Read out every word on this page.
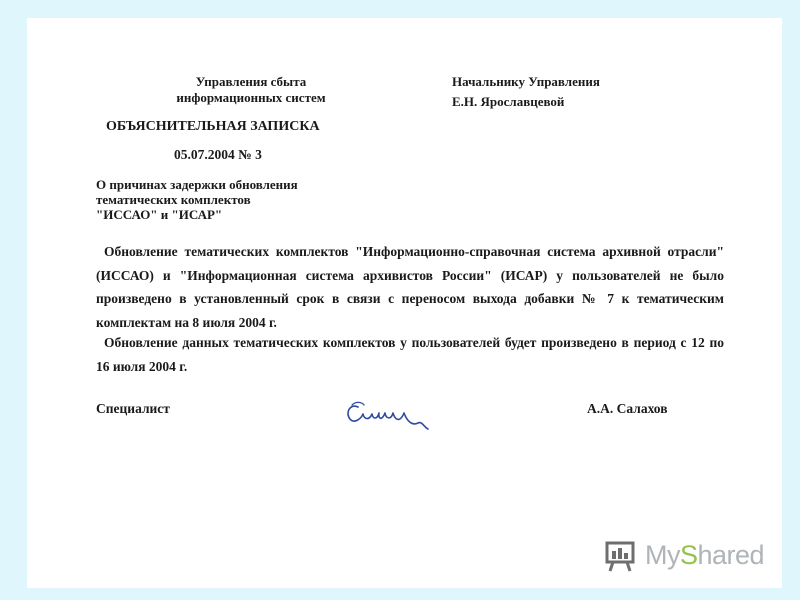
Управления сбыта
информационных систем
Начальнику Управления
Е.Н. Ярославцевой
ОБЪЯСНИТЕЛЬНАЯ ЗАПИСКА
05.07.2004 № 3
О причинах задержки обновления
тематических комплектов
"ИССАО" и "ИСАР"
Обновление тематических комплектов "Информационно-справочная система архивной отрасли" (ИССАО) и "Информационная система архивистов России" (ИСАР) у пользователей не было произведено в установленный срок в связи с переносом выхода добавки № 7 к тематическим комплектам на 8 июля 2004 г.
Обновление данных тематических комплектов у пользователей будет произведено в период с 12 по 16 июля 2004 г.
Специалист	А.А. Салахов
MyShared
